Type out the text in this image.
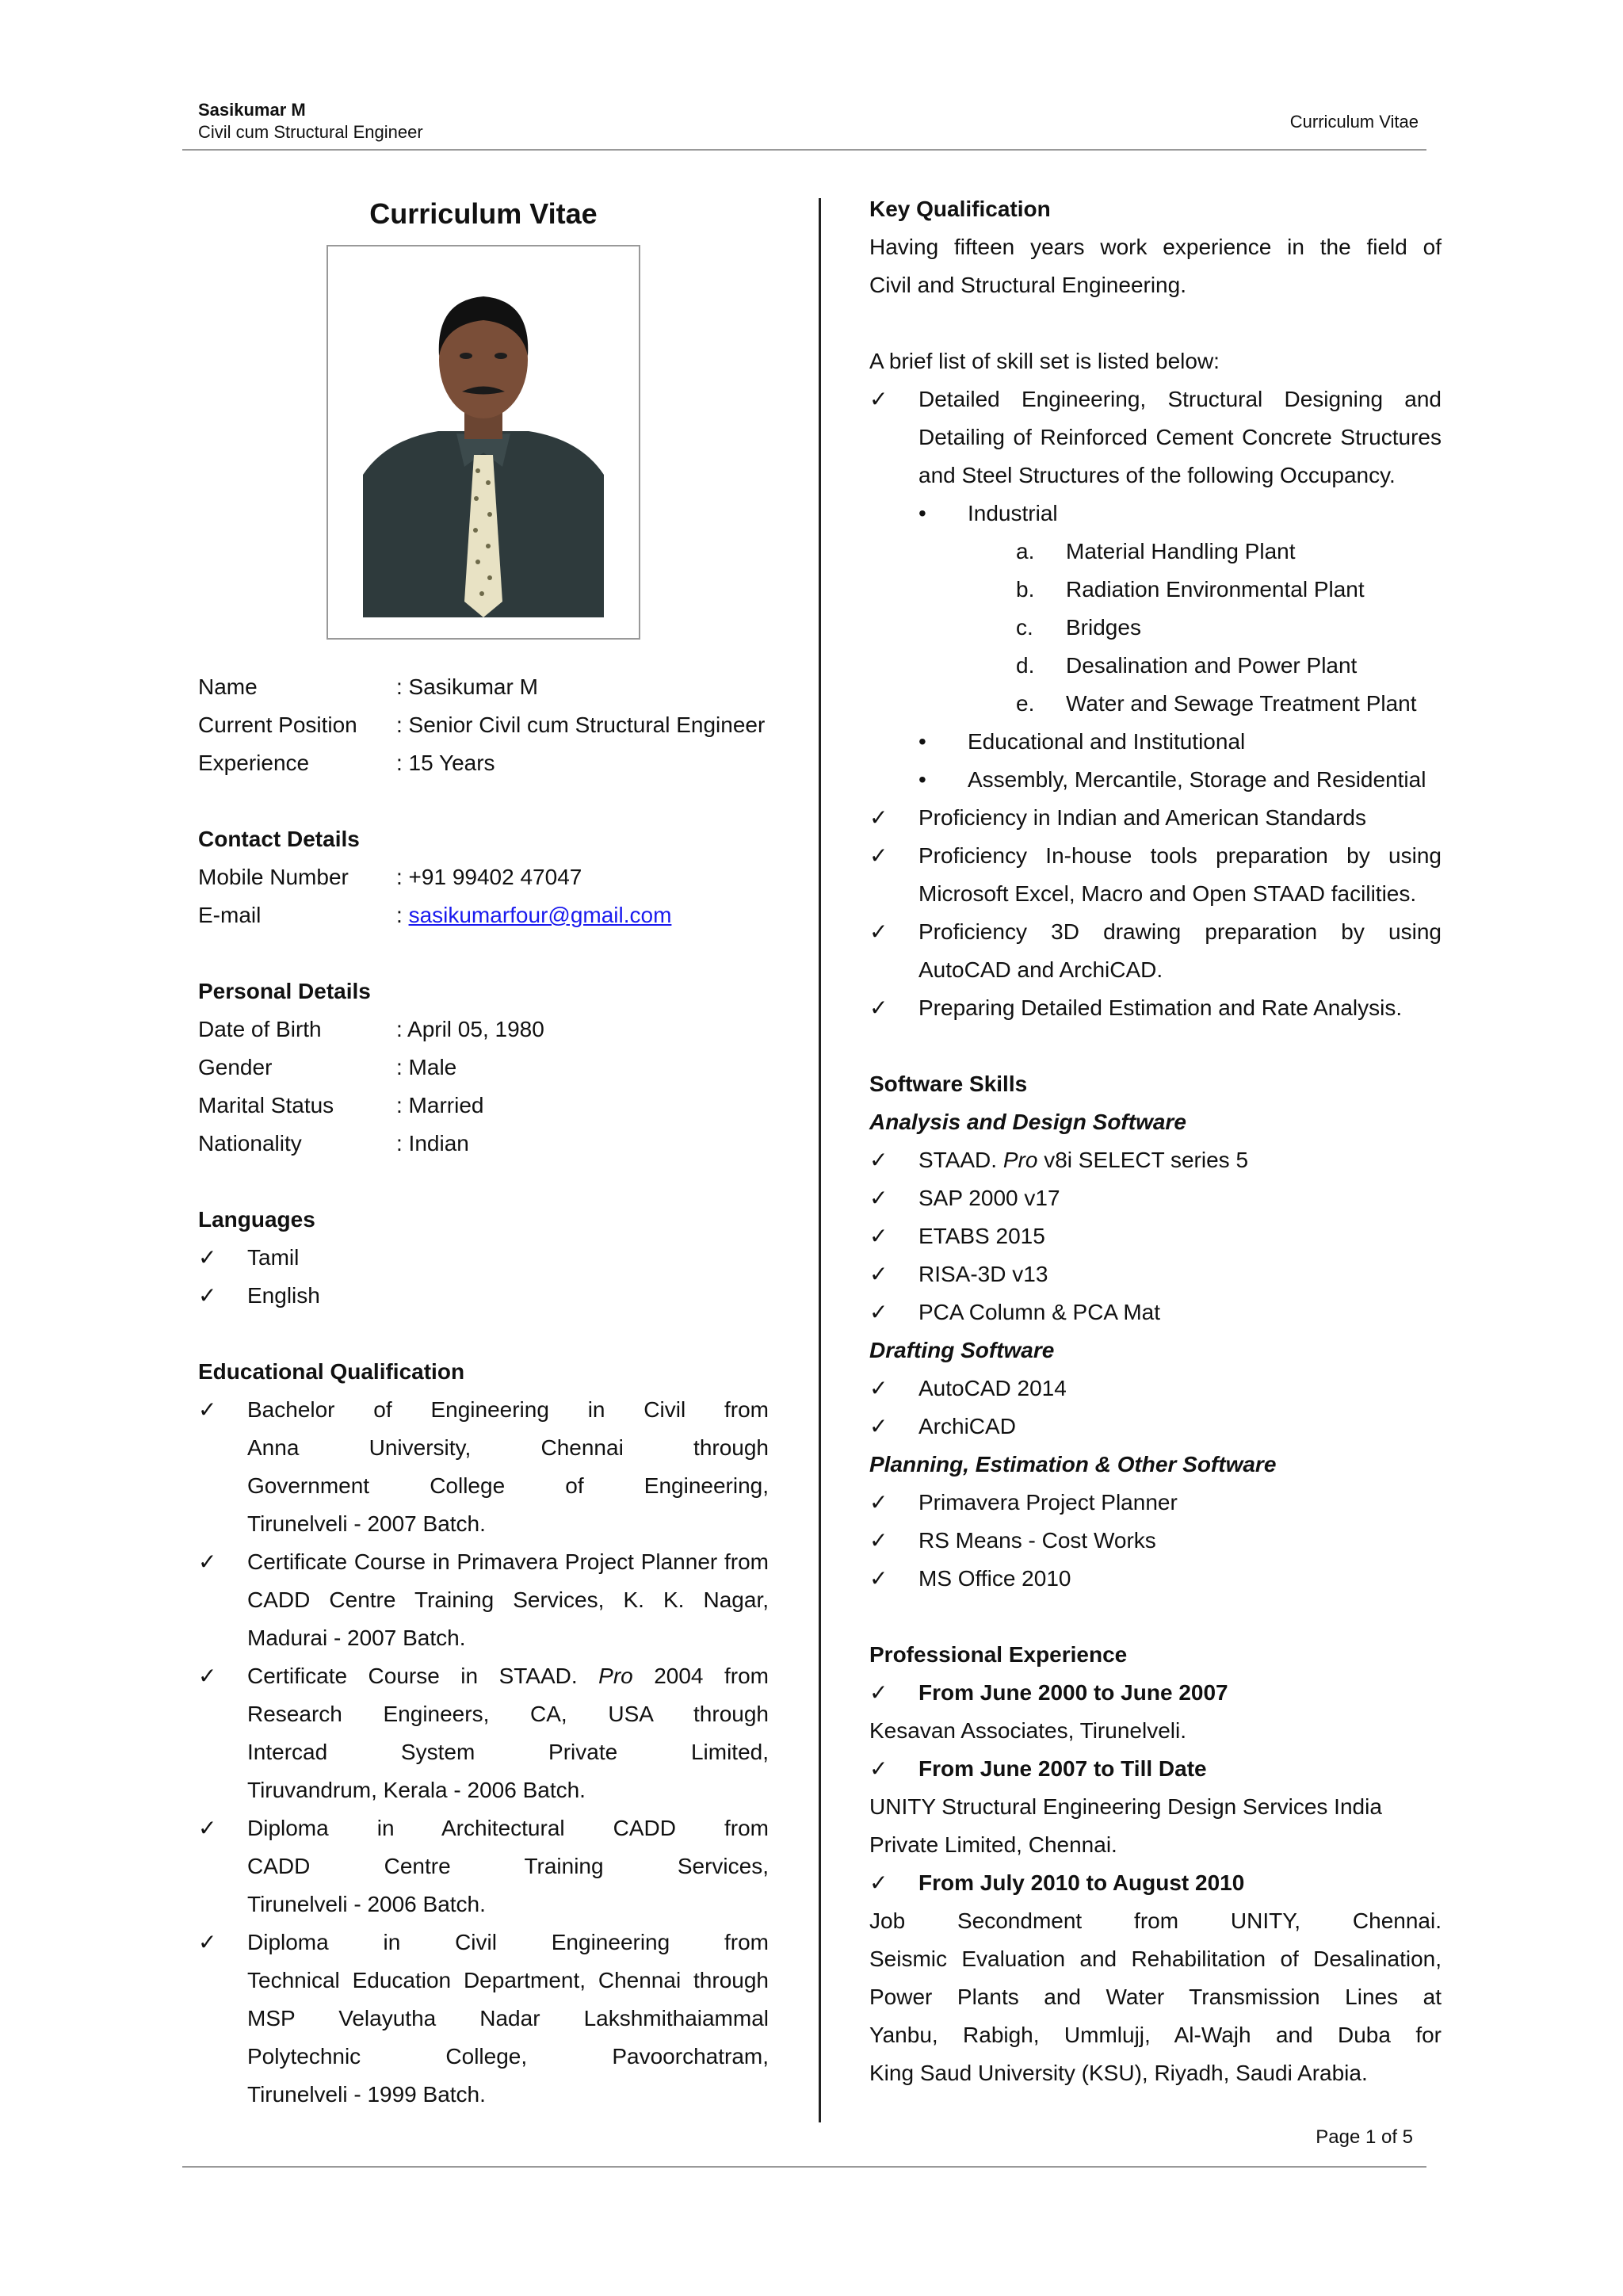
Sasikumar M
Civil cum Structural Engineer
Curriculum Vitae
Curriculum Vitae
Name	: Sasikumar M
Current Position	: Senior Civil cum Structural Engineer
Experience	: 15 Years
Contact Details
Mobile Number	: +91 99402 47047
E-mail	: sasikumarfour@gmail.com
Personal Details
Date of Birth	: April 05, 1980
Gender	: Male
Marital Status	: Married
Nationality	: Indian
Languages
✓	Tamil
✓	English
Educational Qualification
✓	Bachelor of Engineering in Civil from
Anna University, Chennai through
Government College of Engineering,
Tirunelveli - 2007 Batch.
✓	Certificate Course in Primavera Project Planner from
CADD Centre Training Services, K. K. Nagar,
Madurai - 2007 Batch.
✓	Certificate Course in STAAD. Pro 2004 from
Research Engineers, CA, USA through
Intercad System Private Limited,
Tiruvandrum, Kerala - 2006 Batch.
✓	Diploma in Architectural CADD from
CADD Centre Training Services,
Tirunelveli - 2006 Batch.
✓	Diploma in Civil Engineering from
Technical Education Department, Chennai through
MSP Velayutha Nadar Lakshmithaiammal
Polytechnic College, Pavoorchatram,
Tirunelveli - 1999 Batch.
Key Qualification
Having fifteen years work experience in the field of
Civil and Structural Engineering.
A brief list of skill set is listed below:
✓	Detailed Engineering, Structural Designing and
Detailing of Reinforced Cement Concrete Structures
and Steel Structures of the following Occupancy.
•	Industrial
a.	Material Handling Plant
b.	Radiation Environmental Plant
c.	Bridges
d.	Desalination and Power Plant
e.	Water and Sewage Treatment Plant
•	Educational and Institutional
•	Assembly, Mercantile, Storage and Residential
✓	Proficiency in Indian and American Standards
✓	Proficiency In-house tools preparation by using
Microsoft Excel, Macro and Open STAAD facilities.
✓	Proficiency 3D drawing preparation by using
AutoCAD and ArchiCAD.
✓	Preparing Detailed Estimation and Rate Analysis.
Software Skills
Analysis and Design Software
✓	STAAD. Pro v8i SELECT series 5
✓	SAP 2000 v17
✓	ETABS 2015
✓	RISA-3D v13
✓	PCA Column & PCA Mat
Drafting Software
✓	AutoCAD 2014
✓	ArchiCAD
Planning, Estimation & Other Software
✓	Primavera Project Planner
✓	RS Means - Cost Works
✓	MS Office 2010
Professional Experience
✓	From June 2000 to June 2007
Kesavan Associates, Tirunelveli.
✓	From June 2007 to Till Date
UNITY Structural Engineering Design Services India
Private Limited, Chennai.
✓	From July 2010 to August 2010
Job Secondment from UNITY, Chennai.
Seismic Evaluation and Rehabilitation of Desalination,
Power Plants and Water Transmission Lines at
Yanbu, Rabigh, Ummlujj, Al-Wajh and Duba for
King Saud University (KSU), Riyadh, Saudi Arabia.
Page 1 of 5
